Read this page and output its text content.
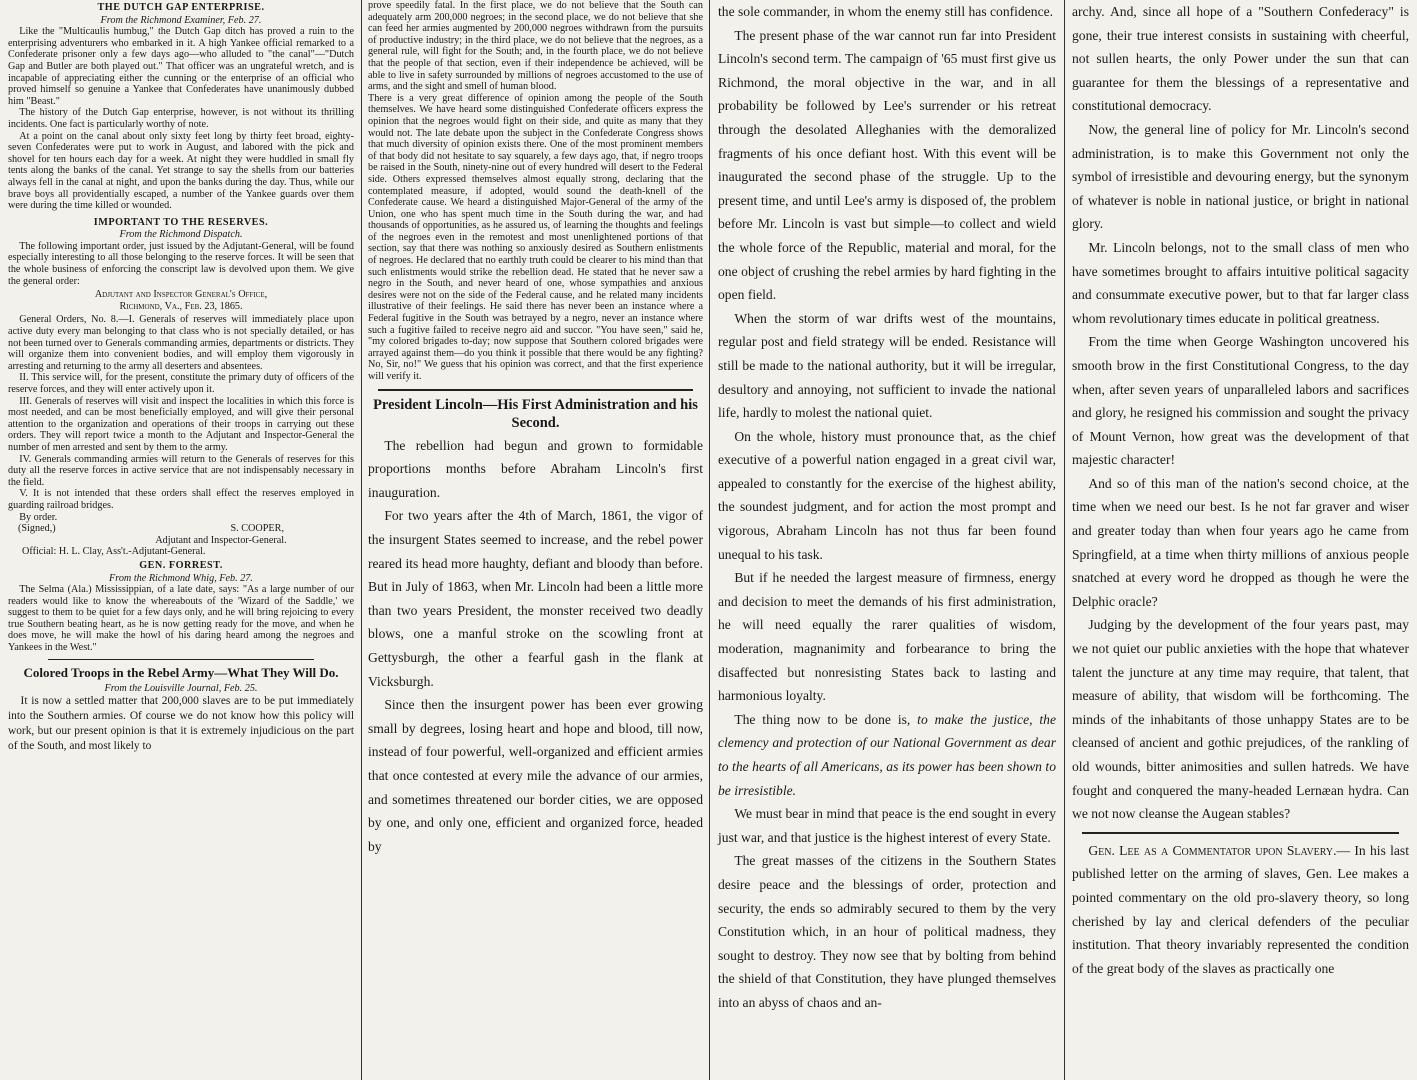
THE DUTCH GAP ENTERPRISE.

From the Richmond Examiner, Feb. 27.

Like the "Multicaulis humbug," the Dutch Gap ditch has proved a ruin to the enterprising adventurers who embarked in it. A high Yankee official remarked to a Confederate prisoner only a few days ago—who alluded to "the canal"—"Dutch Gap and Butler are both played out." That officer was an ungrateful wretch, and is incapable of appreciating either the cunning or the enterprise of an official who proved himself so genuine a Yankee that Confederates have unanimously dubbed him "Beast."

The history of the Dutch Gap enterprise, however, is not without its thrilling incidents. One fact is particularly worthy of note.

At a point on the canal about only sixty feet long by thirty feet broad, eighty-seven Confederates were put to work in August, and labored with the pick and shovel for ten hours each day for a week. At night they were huddled in small fly tents along the banks of the canal. Yet strange to say the shells from our batteries always fell in the canal at night, and upon the banks during the day. Thus, while our brave boys all providentially escaped, a number of the Yankee guards over them were during the time killed or wounded.

IMPORTANT TO THE RESERVES.

From the Richmond Dispatch.

The following important order, just issued by the Adjutant-General, will be found especially interesting to all those belonging to the reserve forces. It will be seen that the whole business of enforcing the conscript law is devolved upon them. We give the general order:

Adjutant and Inspector General's Office,

Richmond, Va., Feb. 23, 1865.

General Orders, No. 8.—I. Generals of reserves will immediately place upon active duty every man belonging to that class who is not specially detailed, or has not been turned over to Generals commanding armies, departments or districts. They will organize them into convenient bodies, and will employ them vigorously in arresting and returning to the army all deserters and absentees.

II. This service will, for the present, constitute the primary duty of officers of the reserve forces, and they will enter actively upon it.

III. Generals of reserves will visit and inspect the localities in which this force is most needed, and can be most beneficially employed, and will give their personal attention to the organization and operations of their troops in carrying out these orders. They will report twice a month to the Adjutant and Inspector-General the number of men arrested and sent by them to the army.

IV. Generals commanding armies will return to the Generals of reserves for this duty all the reserve forces in active service that are not indispensably necessary in the field.

V. It is not intended that these orders shall effect the reserves employed in guarding railroad bridges.

By order.

(Signed,)	S. COOPER,

Adjutant and Inspector-General.

Official: H. L. Clay, Ass't.-Adjutant-General.

GEN. FORREST.

From the Richmond Whig, Feb. 27.

The Selma (Ala.) Mississippian, of a late date, says: "As a large number of our readers would like to know the whereabouts of the 'Wizard of the Saddle,' we suggest to them to be quiet for a few days only, and he will bring rejoicing to every true Southern beating heart, as he is now getting ready for the move, and when he does move, he will make the howl of his daring heard among the negroes and Yankees in the West."

Colored Troops in the Rebel Army—What They Will Do.

From the Louisville Journal, Feb. 25.

It is now a settled matter that 200,000 slaves are to be put immediately into the Southern armies. Of course we do not know how this policy will work, but our present opinion is that it is extremely injudicious on the part of the South, and most likely to

prove speedily fatal. In the first place, we do not believe that the South can adequately arm 200,000 negroes; in the second place, we do not believe that she can feed her armies augmented by 200,000 negroes withdrawn from the pursuits of productive industry; in the third place, we do not believe that the negroes, as a general rule, will fight for the South; and, in the fourth place, we do not believe that the people of that section, even if their independence be achieved, will be able to live in safety surrounded by millions of negroes accustomed to the use of arms, and the sight and smell of human blood.

There is a very great difference of opinion among the people of the South themselves. We have heard some distinguished Confederate officers express the opinion that the negroes would fight on their side, and quite as many that they would not. The late debate upon the subject in the Confederate Congress shows that much diversity of opinion exists there. One of the most prominent members of that body did not hesitate to say squarely, a few days ago, that, if negro troops be raised in the South, ninety-nine out of every hundred will desert to the Federal side. Others expressed themselves almost equally strong, declaring that the contemplated measure, if adopted, would sound the death-knell of the Confederate cause. We heard a distinguished Major-General of the army of the Union, one who has spent much time in the South during the war, and had thousands of opportunities, as he assured us, of learning the thoughts and feelings of the negroes even in the remotest and most unenlightened portions of that section, say that there was nothing so anxiously desired as Southern enlistments of negroes. He declared that no earthly truth could be clearer to his mind than that such enlistments would strike the rebellion dead. He stated that he never saw a negro in the South, and never heard of one, whose sympathies and anxious desires were not on the side of the Federal cause, and he related many incidents illustrative of their feelings. He said there has never been an instance where a Federal fugitive in the South was betrayed by a negro, never an instance where such a fugitive failed to receive negro aid and succor. "You have seen," said he, "my colored brigades to-day; now suppose that Southern colored brigades were arrayed against them—do you think it possible that there would be any fighting? No, Sir, no!" We guess that his opinion was correct, and that the first experience will verify it.

President Lincoln—His First Administration and his Second.

The rebellion had begun and grown to formidable proportions months before Abraham Lincoln's first inauguration.

For two years after the 4th of March, 1861, the vigor of the insurgent States seemed to increase, and the rebel power reared its head more haughty, defiant and bloody than before. But in July of 1863, when Mr. Lincoln had been a little more than two years President, the monster received two deadly blows, one a manful stroke on the scowling front at Gettysburgh, the other a fearful gash in the flank at Vicksburgh.

Since then the insurgent power has been ever growing small by degrees, losing heart and hope and blood, till now, instead of four powerful, well-organized and efficient armies that once contested at every mile the advance of our armies, and sometimes threatened our border cities, we are opposed by one, and only one, efficient and organized force, headed by

the sole commander, in whom the enemy still has confidence.

The present phase of the war cannot run far into President Lincoln's second term. The campaign of '65 must first give us Richmond, the moral objective in the war, and in all probability be followed by Lee's surrender or his retreat through the desolated Alleghanies with the demoralized fragments of his once defiant host. With this event will be inaugurated the second phase of the struggle. Up to the present time, and until Lee's army is disposed of, the problem before Mr. Lincoln is vast but simple—to collect and wield the whole force of the Republic, material and moral, for the one object of crushing the rebel armies by hard fighting in the open field.

When the storm of war drifts west of the mountains, regular post and field strategy will be ended. Resistance will still be made to the national authority, but it will be irregular, desultory and annoying, not sufficient to invade the national life, hardly to molest the national quiet.

On the whole, history must pronounce that, as the chief executive of a powerful nation engaged in a great civil war, appealed to constantly for the exercise of the highest ability, the soundest judgment, and for action the most prompt and vigorous, Abraham Lincoln has not thus far been found unequal to his task.

But if he needed the largest measure of firmness, energy and decision to meet the demands of his first administration, he will need equally the rarer qualities of wisdom, moderation, magnanimity and forbearance to bring the disaffected but nonresisting States back to lasting and harmonious loyalty.

The thing now to be done is, to make the justice, the clemency and protection of our National Government as dear to the hearts of all Americans, as its power has been shown to be irresistible.

We must bear in mind that peace is the end sought in every just war, and that justice is the highest interest of every State.

The great masses of the citizens in the Southern States desire peace and the blessings of order, protection and security, the ends so admirably secured to them by the very Constitution which, in an hour of political madness, they sought to destroy. They now see that by bolting from behind the shield of that Constitution, they have plunged themselves into an abyss of chaos and an-

archy. And, since all hope of a "Southern Confederacy" is gone, their true interest consists in sustaining with cheerful, not sullen hearts, the only Power under the sun that can guarantee for them the blessings of a representative and constitutional democracy.

Now, the general line of policy for Mr. Lincoln's second administration, is to make this Government not only the symbol of irresistible and devouring energy, but the synonym of whatever is noble in national justice, or bright in national glory.

Mr. Lincoln belongs, not to the small class of men who have sometimes brought to affairs intuitive political sagacity and consummate executive power, but to that far larger class whom revolutionary times educate in political greatness.

From the time when George Washington uncovered his smooth brow in the first Constitutional Congress, to the day when, after seven years of unparalleled labors and sacrifices and glory, he resigned his commission and sought the privacy of Mount Vernon, how great was the development of that majestic character!

And so of this man of the nation's second choice, at the time when we need our best. Is he not far graver and wiser and greater today than when four years ago he came from Springfield, at a time when thirty millions of anxious people snatched at every word he dropped as though he were the Delphic oracle?

Judging by the development of the four years past, may we not quiet our public anxieties with the hope that whatever talent the juncture at any time may require, that talent, that measure of ability, that wisdom will be forthcoming. The minds of the inhabitants of those unhappy States are to be cleansed of ancient and gothic prejudices, of the rankling of old wounds, bitter animosities and sullen hatreds. We have fought and conquered the many-headed Lernæan hydra. Can we not now cleanse the Augean stables?

Gen. Lee as a Commentator upon Slavery.— In his last published letter on the arming of slaves, Gen. Lee makes a pointed commentary on the old pro-slavery theory, so long cherished by lay and clerical defenders of the peculiar institution. That theory invariably represented the condition of the great body of the slaves as practically one
